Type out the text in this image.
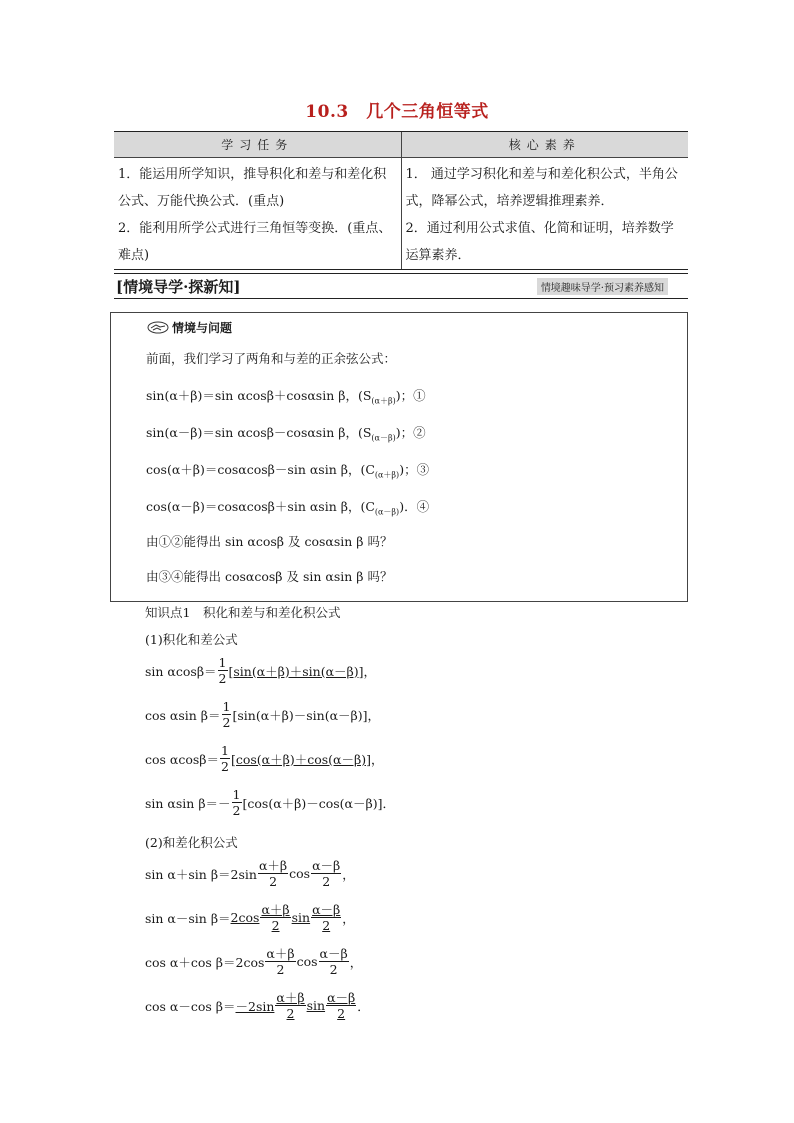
10.3　几个三角恒等式
学习任务	核心素养
1．能运用所学知识，推导积化和差与和差化积公式、万能代换公式．(重点)
2．能利用所学公式进行三角恒等变换．(重点、难点)
1． 通过学习积化和差与和差化积公式，半角公式，降幂公式，培养逻辑推理素养．
2．通过利用公式求值、化简和证明，培养数学运算素养．
[情境导学·探新知]	情境趣味导学·预习素养感知
情境与问题
前面，我们学习了两角和与差的正余弦公式：
sin(α＋β)＝sin αcosβ＋cosαsin β，$(S_{(\alpha+\beta)})$；①
sin(α－β)＝sin αcosβ－cosαsin β，$(S_{(\alpha-\beta)})$；②
cos(α＋β)＝cosαcosβ－sin αsin β，$(C_{(\alpha+\beta)})$；③
cos(α－β)＝cosαcosβ＋sin αsin β，$(C_{(\alpha-\beta)})$．④
由①②能得出 sin αcosβ 及 cosαsin β 吗？
由③④能得出 cosαcosβ 及 sin αsin β 吗？
知识点1　积化和差与和差化积公式
(1)积化和差公式
$\sin \alpha\cos\beta= \frac{1}{2} [\sin(\alpha+\beta)+\sin(\alpha-\beta)]$ ，
cos αsin $\beta= \frac{1}{2} [\sin(\alpha+\beta)-\sin(\alpha-\beta)]$ ，
$\cos \alpha\cos\beta= \frac{1}{2} [\cos(\alpha+\beta)+\cos(\alpha-\beta)]$ ，
sin αsin $\beta=- \frac{1}{2} [\cos(\alpha+\beta)-\cos(\alpha-\beta)]$ ．
(2)和差化积公式
sin α＋sin $\beta=2\sin \frac{\alpha+\beta}{2}$ $\cos \frac{\alpha-\beta}{2}$ ，
sin α－sin $\beta= 2\cos \frac{\alpha+\beta}{2}$ $\sin \frac{\alpha-\beta}{2}$ ，
cos α＋cos $\beta=2\cos \frac{\alpha+\beta}{2}$ $\cos \frac{\alpha-\beta}{2}$ ，
cos α－cos $\beta= -2\sin \frac{\alpha+\beta}{2}$ $\sin \frac{\alpha-\beta}{2}$ ．
